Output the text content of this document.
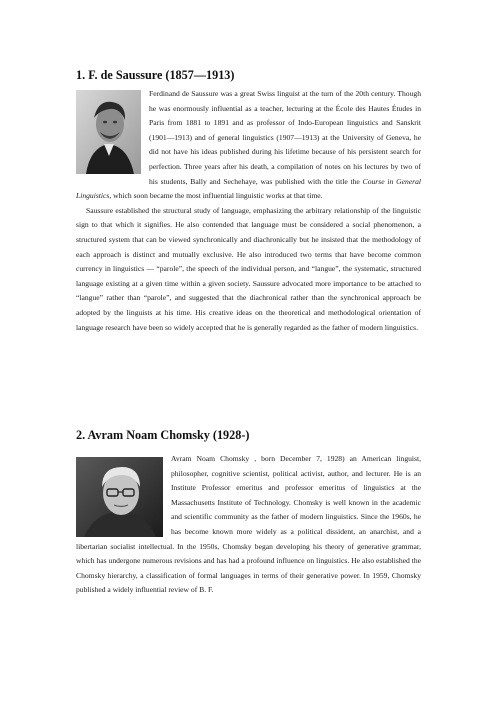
1. F. de Saussure (1857—1913)

Ferdinand de Saussure was a great Swiss linguist at the turn of the 20th century. Though he was enormously influential as a teacher, lecturing at the École des Hautes Études in Paris from 1881 to 1891 and as professor of Indo-European linguistics and Sanskrit (1901—1913) and of general linguistics (1907—1913) at the University of Geneva, he did not have his ideas published during his lifetime because of his persistent search for perfection. Three years after his death, a compilation of notes on his lectures by two of his students, Bally and Sechehaye, was published with the title the Course in General Linguistics, which soon became the most influential linguistic works at that time.

Saussure established the structural study of language, emphasizing the arbitrary relationship of the linguistic sign to that which it signifies. He also contended that language must be considered a social phenomenon, a structured system that can be viewed synchronically and diachronically but he insisted that the methodology of each approach is distinct and mutually exclusive. He also introduced two terms that have become common currency in linguistics — “parole”, the speech of the individual person, and “langue”, the systematic, structured language existing at a given time within a given society. Saussure advocated more importance to be attached to “langue” rather than “parole”, and suggested that the diachronical rather than the synchronical approach be adopted by the linguists at his time. His creative ideas on the theoretical and methodological orientation of language research have been so widely accepted that he is generally regarded as the father of modern linguistics.

2. Avram Noam Chomsky (1928-)

Avram Noam Chomsky , born December 7, 1928) an American linguist, philosopher, cognitive scientist, political activist, author, and lecturer. He is an Institute Professor emeritus and professor emeritus of linguistics at the Massachusetts Institute of Technology. Chomsky is well known in the academic and scientific community as the father of modern linguistics. Since the 1960s, he has become known more widely as a political dissident, an anarchist, and a libertarian socialist intellectual. In the 1950s, Chomsky began developing his theory of generative grammar, which has undergone numerous revisions and has had a profound influence on linguistics. He also established the Chomsky hierarchy, a classification of formal languages in terms of their generative power. In 1959, Chomsky published a widely influential review of B. F.
